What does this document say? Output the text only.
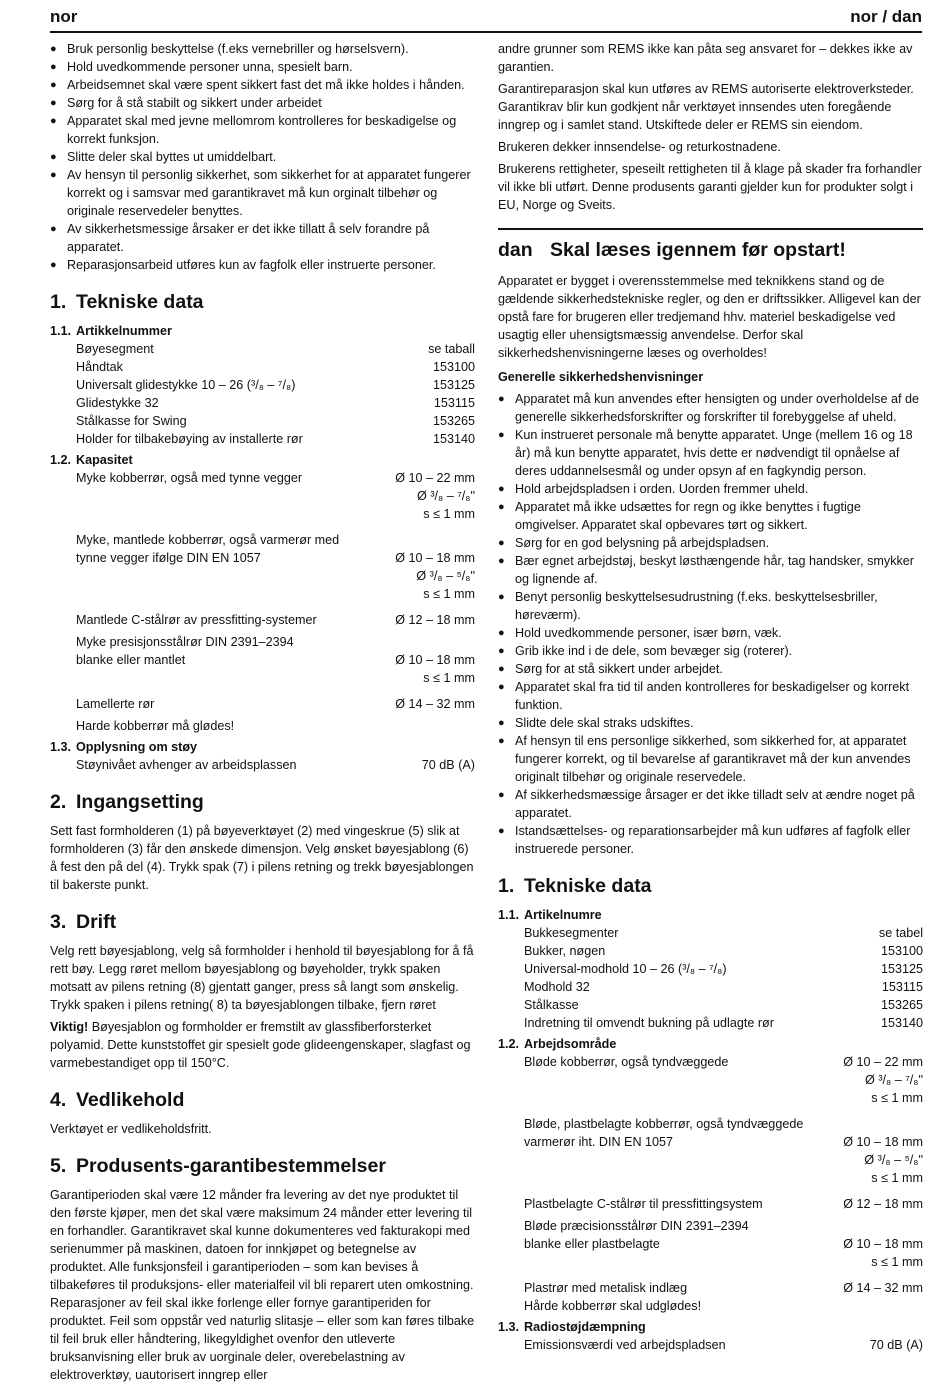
nor	nor / dan
● Bruk personlig beskyttelse (f.eks vernebriller og hørselsvern).
● Hold uvedkommende personer unna, spesielt barn.
● Arbeidsemnet skal være spent sikkert fast det må ikke holdes i hånden.
● Sørg for å stå stabilt og sikkert under arbeidet
● Apparatet skal med jevne mellomrom kontrolleres for beskadigelse og korrekt funksjon.
● Slitte deler skal byttes ut umiddelbart.
● Av hensyn til personlig sikkerhet, som sikkerhet for at apparatet fungerer korrekt og i samsvar med garantikravet må kun orginalt tilbehør og originale reservedeler benyttes.
● Av sikkerhetsmessige årsaker er det ikke tillatt å selv forandre på apparatet.
● Reparasjonsarbeid utføres kun av fagfolk eller instruerte personer.
1. Tekniske data
1.1. Artikkelnummer
Bøyesegment	se taball
Håndtak	153100
Universalt glidestykke 10 – 26 (³/₈ – ⁷/₈)	153125
Glidestykke 32	153115
Stålkasse for Swing	153265
Holder for tilbakebøying av installerte rør	153140
1.2. Kapasitet
Myke kobberrør, også med tynne vegger	Ø 10 – 22 mm
Ø ³/₈ – ⁷/₈"
s ≤ 1 mm
Myke, mantlede kobberrør, også varmerør med
tynne vegger ifølge DIN EN 1057	Ø 10 – 18 mm
Ø ³/₈ – ⁵/₈"
s ≤ 1 mm
Mantlede C-stålrør av pressfitting-systemer	Ø 12 – 18 mm
Myke presisjonsstålrør DIN 2391–2394
blanke eller mantlet	Ø 10 – 18 mm
s ≤ 1 mm
Lamellerte rør	Ø 14 – 32 mm
Harde kobberrør må glødes!
1.3. Opplysning om støy
Støynivået avhenger av arbeidsplassen	70 dB (A)
2. Ingangsetting

Sett fast formholderen (1) på bøyeverktøyet (2) med vingeskrue (5) slik at formholderen (3) får den ønskede dimensjon. Velg ønsket bøyesjablong (6) å fest den på del (4). Trykk spak (7) i pilens retning og trekk bøyesjablongen til bakerste punkt.

3. Drift

Velg rett bøyesjablong, velg så formholder i henhold til bøyesjablong for å få rett bøy. Legg røret mellom bøyesjablong og bøyeholder, trykk spaken motsatt av pilens retning (8) gjentatt ganger, press så langt som ønskelig. Trykk spaken i pilens retning( 8) ta bøyesjablongen tilbake, fjern røret

Viktig! Bøyesjablon og formholder er fremstilt av glassfiberforsterket polyamid. Dette kunststoffet gir spesielt gode glideengenskaper, slagfast og varmebestandiget opp til 150°C.

4. Vedlikehold

Verktøyet er vedlikeholdsfritt.

5. Produsents-garantibestemmelser

Garantiperioden skal være 12 månder fra levering av det nye produktet til den første kjøper, men det skal være maksimum 24 månder etter levering til en forhandler. Garantikravet skal kunne dokumenteres ved fakturakopi med serienummer på maskinen, datoen for innkjøpet og betegnelse av produktet. Alle funksjonsfeil i garantiperioden – som kan bevises å tilbakeføres til produksjons- eller materialfeil vil bli reparert uten omkostning. Reparasjoner av feil skal ikke forlenge eller fornye garantiperiden for produktet. Feil som oppstår ved naturlig slitasje – eller som kan føres tilbake til feil bruk eller håndtering, likegyldighet ovenfor den utleverte bruksanvisning eller bruk av uorginale deler, overebelastning av elektroverktøy, uautorisert inngrep eller

andre grunner som REMS ikke kan påta seg ansvaret for – dekkes ikke av garantien.

Garantireparasjon skal kun utføres av REMS autoriserte elektroverksteder. Garantikrav blir kun godkjent når verktøyet innsendes uten foregående inngrep og i samlet stand. Utskiftede deler er REMS sin eiendom.

Brukeren dekker innsendelse- og returkostnadene.

Brukerens rettigheter, speseilt rettigheten til å klage på skader fra forhandler vil ikke bli utført. Denne produsents garanti gjelder kun for produkter solgt i EU, Norge og Sveits.

dan Skal læses igennem før opstart!

Apparatet er bygget i overensstemmelse med teknikkens stand og de gældende sikkerhedstekniske regler, og den er driftssikker. Alligevel kan der opstå fare for brugeren eller tredjemand hhv. materiel beskadigelse ved usagtig eller uhensigtsmæssig anvendelse. Derfor skal sikkerhedshenvisningerne læses og overholdes!

Generelle sikkerhedshenvisninger
● Apparatet må kun anvendes efter hensigten og under overholdelse af de generelle sikkerhedsforskrifter og forskrifter til forebyggelse af uheld.
● Kun instrueret personale må benytte apparatet. Unge (mellem 16 og 18 år) må kun benytte apparatet, hvis dette er nødvendigt til opnåelse af deres uddannelsesmål og under opsyn af en fagkyndig person.
● Hold arbejdspladsen i orden. Uorden fremmer uheld.
● Apparatet må ikke udsættes for regn og ikke benyttes i fugtige omgivelser. Apparatet skal opbevares tørt og sikkert.
● Sørg for en god belysning på arbejdspladsen.
● Bær egnet arbejdstøj, beskyt løsthængende hår, tag handsker, smykker og lignende af.
● Benyt personlig beskyttelsesudrustning (f.eks. beskyttelsesbriller, høreværm).
● Hold uvedkommende personer, især børn, væk.
● Grib ikke ind i de dele, som bevæger sig (roterer).
● Sørg for at stå sikkert under arbejdet.
● Apparatet skal fra tid til anden kontrolleres for beskadigelser og korrekt funktion.
● Slidte dele skal straks udskiftes.
● Af hensyn til ens personlige sikkerhed, som sikkerhed for, at apparatet fungerer korrekt, og til bevarelse af garantikravet må der kun anvendes originalt tilbehør og originale reservedele.
● Af sikkerhedsmæssige årsager er det ikke tilladt selv at ændre noget på apparatet.
● Istandsættelses- og reparationsarbejder må kun udføres af fagfolk eller instruerede personer.
1. Tekniske data
1.1. Artikelnumre
Bukkesegmenter	se tabel
Bukker, nøgen	153100
Universal-modhold 10 – 26 (³/₈ – ⁷/₈)	153125
Modhold 32	153115
Stålkasse	153265
Indretning til omvendt bukning på udlagte rør	153140
1.2. Arbejdsområde
Bløde kobberrør, også tyndvæggede	Ø 10 – 22 mm
Ø ³/₈ – ⁷/₈"
s ≤ 1 mm
Bløde, plastbelagte kobberrør, også tyndvæggede
varmerør iht. DIN EN 1057	Ø 10 – 18 mm
Ø ³/₈ – ⁵/₈"
s ≤ 1 mm
Plastbelagte C-stålrør til pressfittingsystem	Ø 12 – 18 mm
Bløde præcisionsstålrør DIN 2391–2394
blanke eller plastbelagte	Ø 10 – 18 mm
s ≤ 1 mm
Plastrør med metalisk indlæg	Ø 14 – 32 mm
Hårde kobberrør skal udglødes!
1.3. Radiostøjdæmpning
Emissionsværdi ved arbejdspladsen	70 dB (A)
